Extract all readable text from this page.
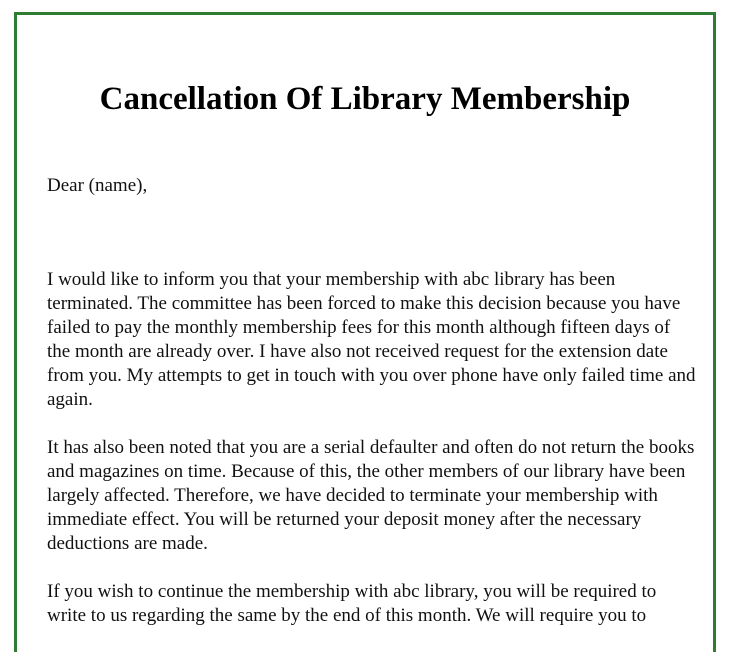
Cancellation Of Library Membership

Dear (name),

I would like to inform you that your membership with abc library has been terminated. The committee has been forced to make this decision because you have failed to pay the monthly membership fees for this month although fifteen days of the month are already over. I have also not received request for the extension date from you. My attempts to get in touch with you over phone have only failed time and again.

It has also been noted that you are a serial defaulter and often do not return the books and magazines on time. Because of this, the other members of our library have been largely affected. Therefore, we have decided to terminate your membership with immediate effect. You will be returned your deposit money after the necessary deductions are made.

If you wish to continue the membership with abc library, you will be required to write to us regarding the same by the end of this month. We will require you to
